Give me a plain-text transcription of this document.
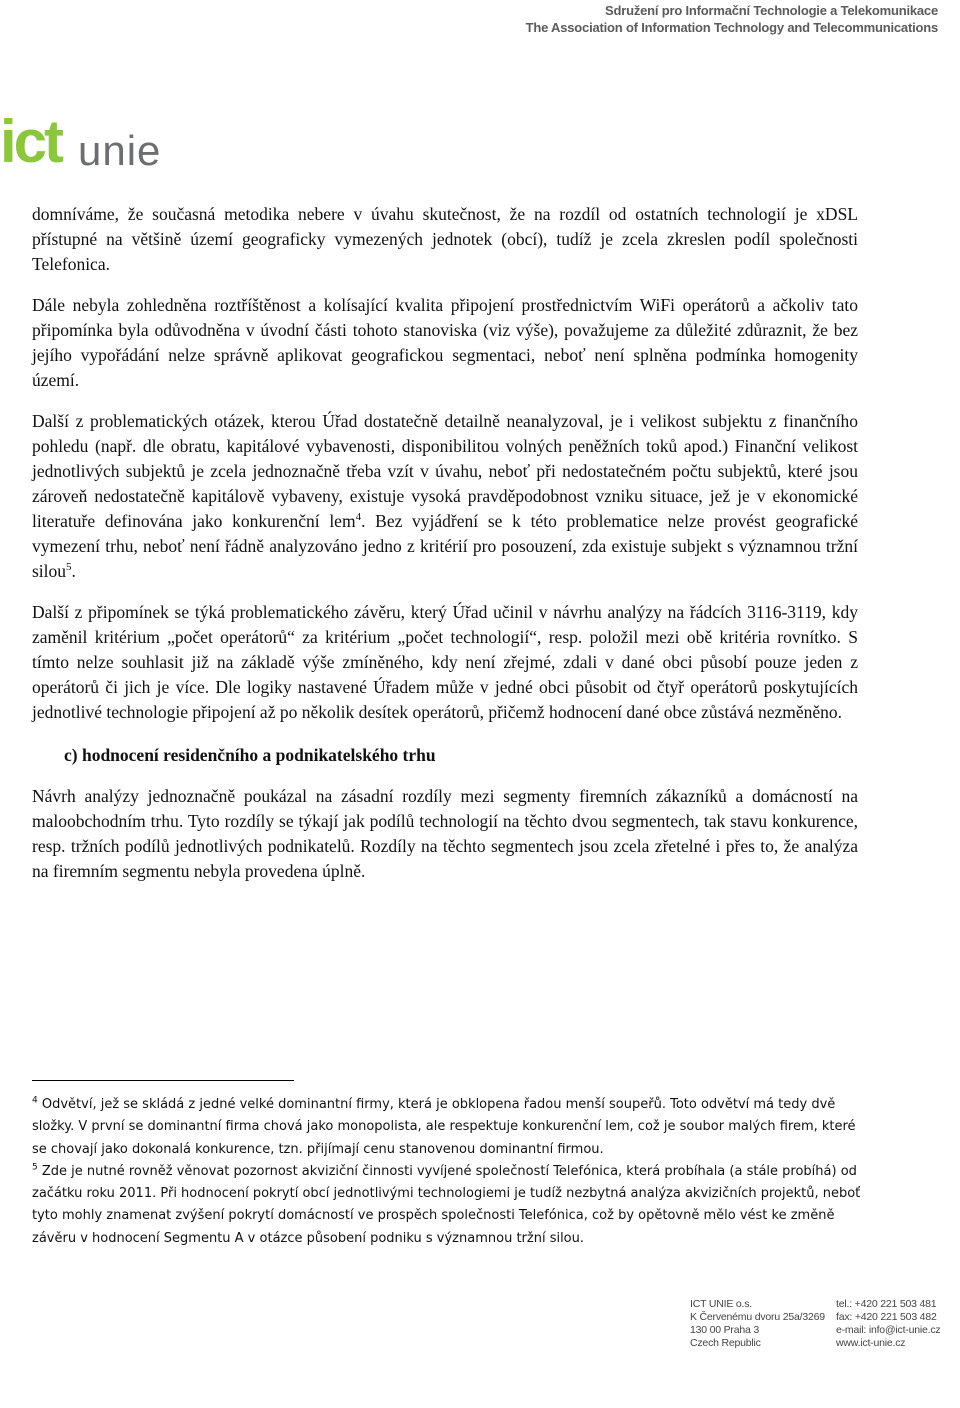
Sdružení pro Informační Technologie a Telekomunikace
The Association of Information Technology and Telecommunications
ict unie

domníváme, že současná metodika nebere v úvahu skutečnost, že na rozdíl od ostatních technologií je xDSL přístupné na většině území geograficky vymezených jednotek (obcí), tudíž je zcela zkreslen podíl společnosti Telefonica.

Dále nebyla zohledněna roztříštěnost a kolísající kvalita připojení prostřednictvím WiFi operátorů a ačkoliv tato připomínka byla odůvodněna v úvodní části tohoto stanoviska (viz výše), považujeme za důležité zdůraznit, že bez jejího vypořádání nelze správně aplikovat geografickou segmentaci, neboť není splněna podmínka homogenity území.

Další z problematických otázek, kterou Úřad dostatečně detailně neanalyzoval, je i velikost subjektu z finančního pohledu (např. dle obratu, kapitálové vybavenosti, disponibilitou volných peněžních toků apod.) Finanční velikost jednotlivých subjektů je zcela jednoznačně třeba vzít v úvahu, neboť při nedostatečném počtu subjektů, které jsou zároveň nedostatečně kapitálově vybaveny, existuje vysoká pravděpodobnost vzniku situace, jež je v ekonomické literatuře definována jako konkurenční lem$^4$. Bez vyjádření se k této problematice nelze provést geografické vymezení trhu, neboť není řádně analyzováno jedno z kritérií pro posouzení, zda existuje subjekt s významnou tržní silou$^5$.

Další z připomínek se týká problematického závěru, který Úřad učinil v návrhu analýzy na řádcích 3116-3119, kdy zaměnil kritérium „počet operátorů“ za kritérium „počet technologií“, resp. položil mezi obě kritéria rovnítko. S tímto nelze souhlasit již na základě výše zmíněného, kdy není zřejmé, zdali v dané obci působí pouze jeden z operátorů či jich je více. Dle logiky nastavené Úřadem může v jedné obci působit od čtyř operátorů poskytujících jednotlivé technologie připojení až po několik desítek operátorů, přičemž hodnocení dané obce zůstává nezměněno.

c) hodnocení residenčního a podnikatelského trhu

Návrh analýzy jednoznačně poukázal na zásadní rozdíly mezi segmenty firemních zákazníků a domácností na maloobchodním trhu. Tyto rozdíly se týkají jak podílů technologií na těchto dvou segmentech, tak stavu konkurence, resp. tržních podílů jednotlivých podnikatelů. Rozdíly na těchto segmentech jsou zcela zřetelné i přes to, že analýza na firemním segmentu nebyla provedena úplně.

$^4$ Odvětví, jež se skládá z jedné velké dominantní firmy, která je obklopena řadou menší soupeřů. Toto odvětví má tedy dvě složky. V první se dominantní firma chová jako monopolista, ale respektuje konkurenční lem, což je soubor malých firem, které se chovají jako dokonalá konkurence, tzn. přijímají cenu stanovenou dominantní firmou.

$^5$ Zde je nutné rovněž věnovat pozornost akviziční činnosti vyvíjené společností Telefónica, která probíhala (a stále probíhá) od začátku roku 2011. Při hodnocení pokrytí obcí jednotlivými technologiemi je tudíž nezbytná analýza akvizičních projektů, neboť tyto mohly znamenat zvýšení pokrytí domácností ve prospěch společnosti Telefónica, což by opětovně mělo vést ke změně závěru v hodnocení Segmentu A v otázce působení podniku s významnou tržní silou.

ICT UNIE o.s.
K Červenému dvoru 25a/3269
130 00 Praha 3
Czech Republic
tel.: +420 221 503 481
fax: +420 221 503 482
e-mail: info@ict-unie.cz
www.ict-unie.cz
